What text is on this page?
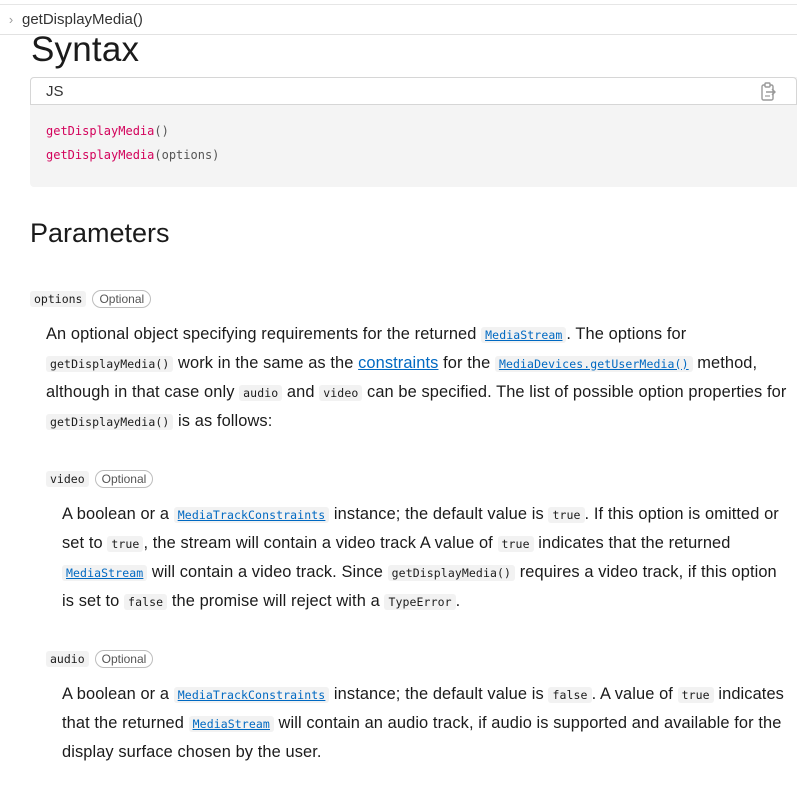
› getDisplayMedia()
Syntax
JS
getDisplayMedia()
getDisplayMedia(options)
Parameters
options	Optional
An optional object specifying requirements for the returned MediaStream . The options for getDisplayMedia() work in the same as the constraints for the MediaDevices.getUserMedia() method, although in that case only audio and video can be specified. The list of possible option properties for getDisplayMedia() is as follows:
video	Optional
A boolean or a MediaTrackConstraints instance; the default value is true . If this option is omitted or set to true , the stream will contain a video track A value of true indicates that the returned MediaStream will contain a video track. Since getDisplayMedia() requires a video track, if this option is set to false the promise will reject with a TypeError .
audio	Optional
A boolean or a MediaTrackConstraints instance; the default value is false . A value of true indicates that the returned MediaStream will contain an audio track, if audio is supported and available for the display surface chosen by the user.
